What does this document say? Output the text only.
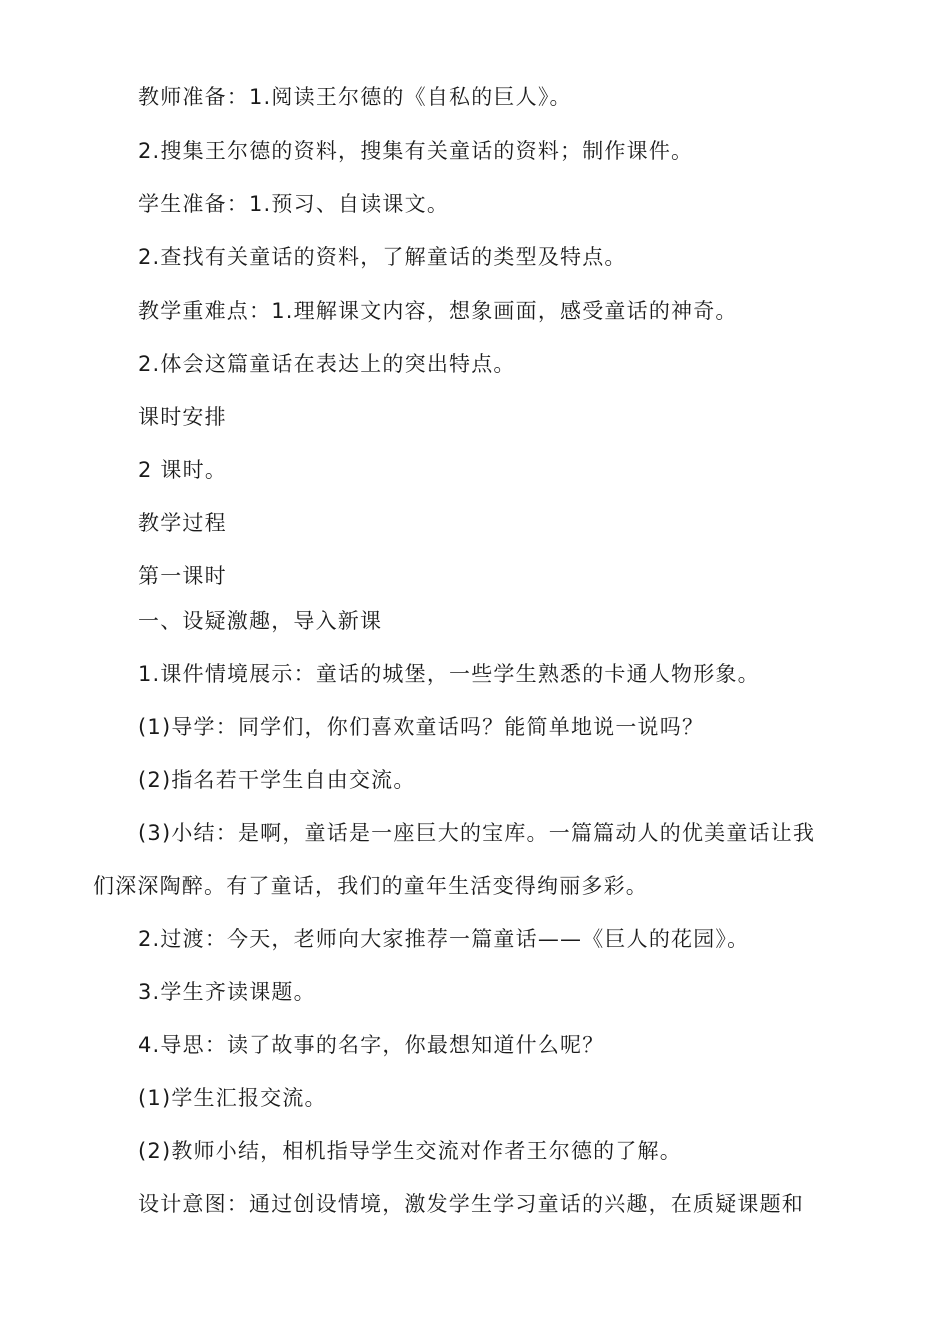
教师准备：1.阅读王尔德的《自私的巨人》。
2.搜集王尔德的资料，搜集有关童话的资料；制作课件。
学生准备：1.预习、自读课文。
2.查找有关童话的资料，了解童话的类型及特点。
教学重难点：1.理解课文内容，想象画面，感受童话的神奇。
2.体会这篇童话在表达上的突出特点。
课时安排
2 课时。
教学过程
第一课时
一、设疑激趣，导入新课
1.课件情境展示：童话的城堡，一些学生熟悉的卡通人物形象。
(1)导学：同学们，你们喜欢童话吗？能简单地说一说吗？
(2)指名若干学生自由交流。
(3)小结：是啊，童话是一座巨大的宝库。一篇篇动人的优美童话让我
们深深陶醉。有了童话，我们的童年生活变得绚丽多彩。
2.过渡：今天，老师向大家推荐一篇童话——《巨人的花园》。
3.学生齐读课题。
4.导思：读了故事的名字，你最想知道什么呢？
(1)学生汇报交流。
(2)教师小结，相机指导学生交流对作者王尔德的了解。
设计意图：通过创设情境，激发学生学习童话的兴趣，在质疑课题和
